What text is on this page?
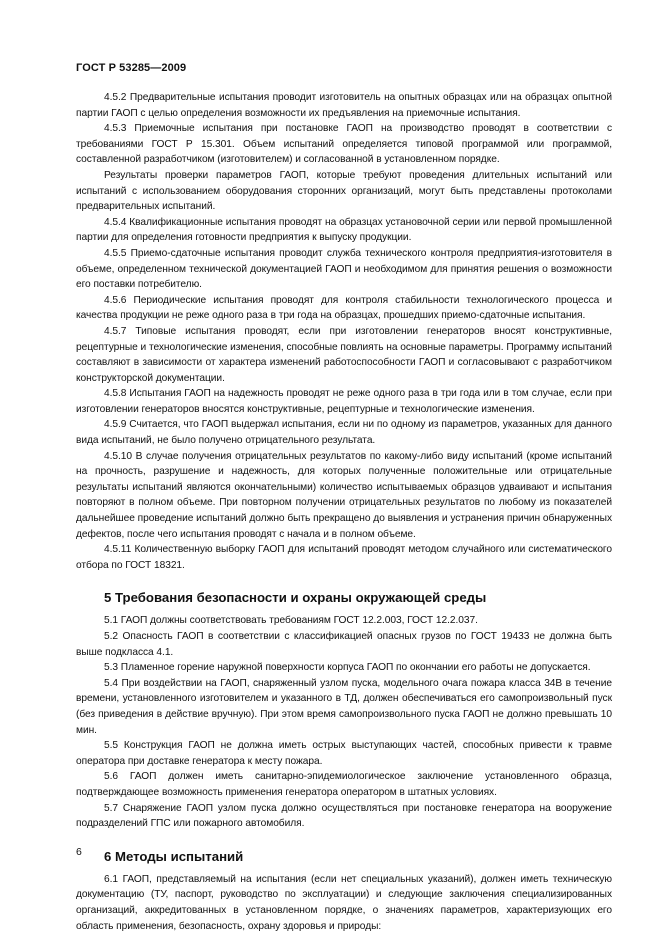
ГОСТ Р 53285—2009

4.5.2 Предварительные испытания проводит изготовитель на опытных образцах или на образцах опытной партии ГАОП с целью определения возможности их предъявления на приемочные испытания.

4.5.3 Приемочные испытания при постановке ГАОП на производство проводят в соответствии с требованиями ГОСТ Р 15.301. Объем испытаний определяется типовой программой или программой, составленной разработчиком (изготовителем) и согласованной в установленном порядке.

Результаты проверки параметров ГАОП, которые требуют проведения длительных испытаний или испытаний с использованием оборудования сторонних организаций, могут быть представлены протоколами предварительных испытаний.

4.5.4 Квалификационные испытания проводят на образцах установочной серии или первой промышленной партии для определения готовности предприятия к выпуску продукции.

4.5.5 Приемо-сдаточные испытания проводит служба технического контроля предприятия-изготовителя в объеме, определенном технической документацией ГАОП и необходимом для принятия решения о возможности его поставки потребителю.

4.5.6 Периодические испытания проводят для контроля стабильности технологического процесса и качества продукции не реже одного раза в три года на образцах, прошедших приемо-сдаточные испытания.

4.5.7 Типовые испытания проводят, если при изготовлении генераторов вносят конструктивные, рецептурные и технологические изменения, способные повлиять на основные параметры. Программу испытаний составляют в зависимости от характера изменений работоспособности ГАОП и согласовывают с разработчиком конструкторской документации.

4.5.8 Испытания ГАОП на надежность проводят не реже одного раза в три года или в том случае, если при изготовлении генераторов вносятся конструктивные, рецептурные и технологические изменения.

4.5.9 Считается, что ГАОП выдержал испытания, если ни по одному из параметров, указанных для данного вида испытаний, не было получено отрицательного результата.

4.5.10 В случае получения отрицательных результатов по какому-либо виду испытаний (кроме испытаний на прочность, разрушение и надежность, для которых полученные положительные или отрицательные результаты испытаний являются окончательными) количество испытываемых образцов удваивают и испытания повторяют в полном объеме. При повторном получении отрицательных результатов по любому из показателей дальнейшее проведение испытаний должно быть прекращено до выявления и устранения причин обнаруженных дефектов, после чего испытания проводят с начала и в полном объеме.

4.5.11 Количественную выборку ГАОП для испытаний проводят методом случайного или систематического отбора по ГОСТ 18321.

5 Требования безопасности и охраны окружающей среды

5.1 ГАОП должны соответствовать требованиям ГОСТ 12.2.003, ГОСТ 12.2.037.

5.2 Опасность ГАОП в соответствии с классификацией опасных грузов по ГОСТ 19433 не должна быть выше подкласса 4.1.

5.3 Пламенное горение наружной поверхности корпуса ГАОП по окончании его работы не допускается.

5.4 При воздействии на ГАОП, снаряженный узлом пуска, модельного очага пожара класса 34В в течение времени, установленного изготовителем и указанного в ТД, должен обеспечиваться его самопроизвольный пуск (без приведения в действие вручную). При этом время самопроизвольного пуска ГАОП не должно превышать 10 мин.

5.5 Конструкция ГАОП не должна иметь острых выступающих частей, способных привести к травме оператора при доставке генератора к месту пожара.

5.6 ГАОП должен иметь санитарно-эпидемиологическое заключение установленного образца, подтверждающее возможность применения генератора оператором в штатных условиях.

5.7 Снаряжение ГАОП узлом пуска должно осуществляться при постановке генератора на вооружение подразделений ГПС или пожарного автомобиля.

6 Методы испытаний

6.1 ГАОП, представляемый на испытания (если нет специальных указаний), должен иметь техническую документацию (ТУ, паспорт, руководство по эксплуатации) и следующие заключения специализированных организаций, аккредитованных в установленном порядке, о значениях параметров, характеризующих его область применения, безопасность, охрану здоровья и природы:

6
